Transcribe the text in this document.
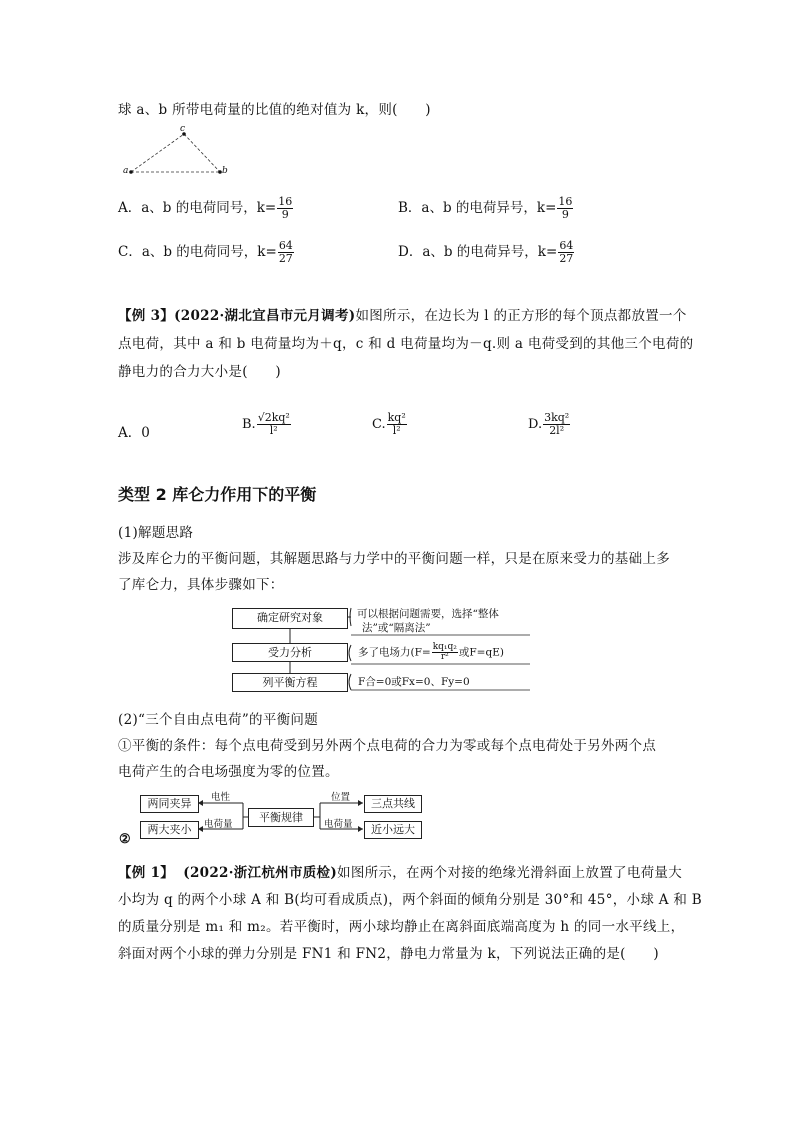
球 a、b 所带电荷量的比值的绝对值为 k，则(　　)
a
c
b
A．a、b 的电荷同号，$k= \frac{16}{9}$	B．a、b 的电荷异号，$k= \frac{16}{9}$
C．a、b 的电荷同号，$k= \frac{64}{27}$	D．a、b 的电荷异号，$k= \frac{64}{27}$
【例 3】(2022·湖北宜昌市元月调考)如图所示，在边长为 l 的正方形的每个顶点都放置一个
点电荷，其中 a 和 b 电荷量均为＋q，c 和 d 电荷量均为－q.则 a 电荷受到的其他三个电荷的
静电力的合力大小是(　　)
A．0
B. $\frac{\text{√2kq²}}{\text{l²}}$	C. $\frac{\text{kq²}}{\text{l²}}$	D. $\frac{\text{3kq²}}{\text{2l²}}$
类型 2 库仑力作用下的平衡
(1)解题思路
涉及库仑力的平衡问题，其解题思路与力学中的平衡问题一样，只是在原来受力的基础上多
了库仑力，具体步骤如下：
确定研究对象
受力分析
列平衡方程
可以根据问题需要，选择“整体
法”或“隔离法”
多了电场力($F= \frac{\text{kq₁q₂}}{\text{r²}}$ 或F=qE)
F合=0或Fx=0、Fy=0
(2)“三个自由点电荷”的平衡问题
①平衡的条件：每个点电荷受到另外两个点电荷的合力为零或每个点电荷处于另外两个点
电荷产生的合电场强度为零的位置。
两同夹异
两大夹小
平衡规律
三点共线
近小远大
电性
电荷量
位置
电荷量
②
【例 1】 (2022·浙江杭州市质检)如图所示，在两个对接的绝缘光滑斜面上放置了电荷量大
小均为 q 的两个小球 A 和 B(均可看成质点)，两个斜面的倾角分别是 30°和 45°，小球 A 和 B
的质量分别是 m₁ 和 m₂。若平衡时，两小球均静止在离斜面底端高度为 h 的同一水平线上，
斜面对两个小球的弹力分别是 FN1 和 FN2，静电力常量为 k，下列说法正确的是(　　)
